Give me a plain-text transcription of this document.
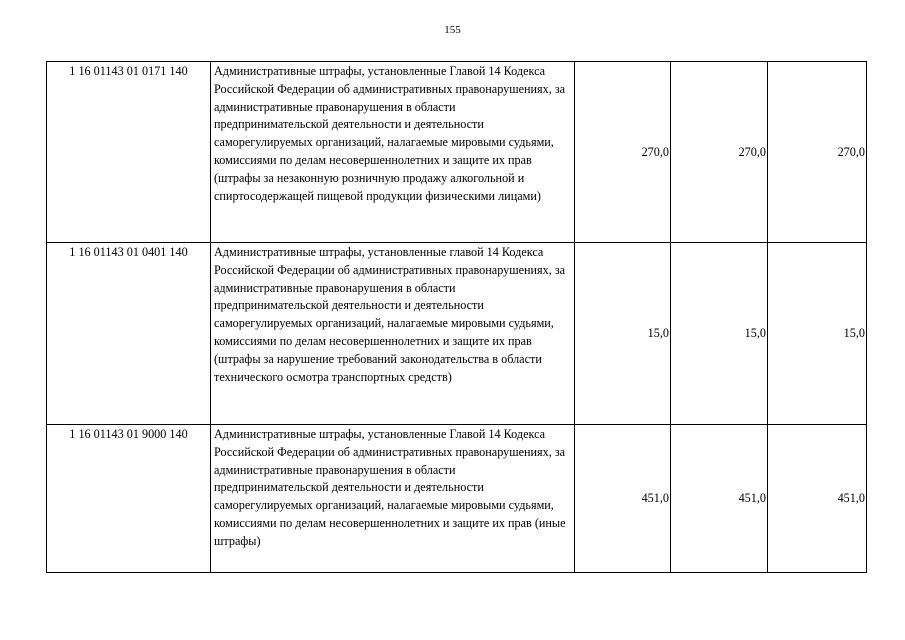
155
1 16 01143 01 0171 140	Административные штрафы, установленные Главой 14 Кодекса Российской Федерации об административных правонарушениях, за административные правонарушения в области предпринимательской деятельности и деятельности саморегулируемых организаций, налагаемые мировыми судьями, комиссиями по делам несовершеннолетних и защите их прав (штрафы за незаконную розничную продажу алкогольной и спиртосодержащей пищевой продукции физическими лицами)	270,0	270,0	270,0
1 16 01143 01 0401 140	Административные штрафы, установленные главой 14 Кодекса Российской Федерации об административных правонарушениях, за административные правонарушения в области предпринимательской деятельности и деятельности саморегулируемых организаций, налагаемые мировыми судьями, комиссиями по делам несовершеннолетних и защите их прав (штрафы за нарушение требований законодательства в области технического осмотра транспортных средств)	15,0	15,0	15,0
1 16 01143 01 9000 140	Административные штрафы, установленные Главой 14 Кодекса Российской Федерации об административных правонарушениях, за административные правонарушения в области предпринимательской деятельности и деятельности саморегулируемых организаций, налагаемые мировыми судьями, комиссиями по делам несовершеннолетних и защите их прав (иные штрафы)	451,0	451,0	451,0
